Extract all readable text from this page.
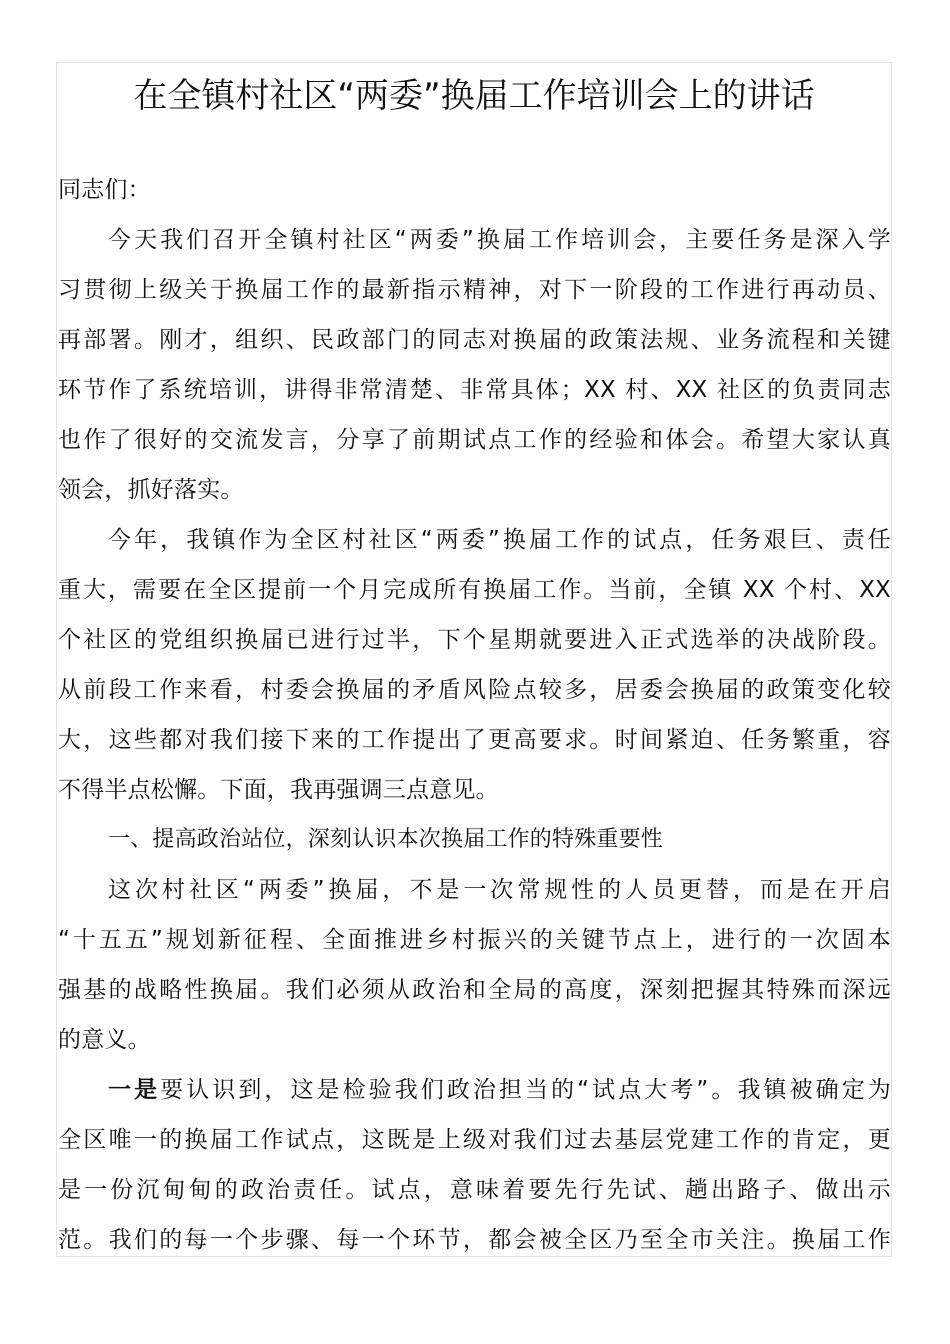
在全镇村社区“两委”换届工作培训会上的讲话
同志们：
今天我们召开全镇村社区“两委”换届工作培训会，主要任务是深入学
习贯彻上级关于换届工作的最新指示精神，对下一阶段的工作进行再动员、
再部署。刚才，组织、民政部门的同志对换届的政策法规、业务流程和关键
环节作了系统培训，讲得非常清楚、非常具体；XX 村、XX 社区的负责同志
也作了很好的交流发言，分享了前期试点工作的经验和体会。希望大家认真
领会，抓好落实。
今年，我镇作为全区村社区“两委”换届工作的试点，任务艰巨、责任
重大，需要在全区提前一个月完成所有换届工作。当前，全镇 XX 个村、XX
个社区的党组织换届已进行过半，下个星期就要进入正式选举的决战阶段。
从前段工作来看，村委会换届的矛盾风险点较多，居委会换届的政策变化较
大，这些都对我们接下来的工作提出了更高要求。时间紧迫、任务繁重，容
不得半点松懈。下面，我再强调三点意见。
一、提高政治站位，深刻认识本次换届工作的特殊重要性
这次村社区“两委”换届，不是一次常规性的人员更替，而是在开启
“十五五”规划新征程、全面推进乡村振兴的关键节点上，进行的一次固本
强基的战略性换届。我们必须从政治和全局的高度，深刻把握其特殊而深远
的意义。
一是要认识到，这是检验我们政治担当的“试点大考”。我镇被确定为
全区唯一的换届工作试点，这既是上级对我们过去基层党建工作的肯定，更
是一份沉甸甸的政治责任。试点，意味着要先行先试、趟出路子、做出示
范。我们的每一个步骤、每一个环节，都会被全区乃至全市关注。换届工作
